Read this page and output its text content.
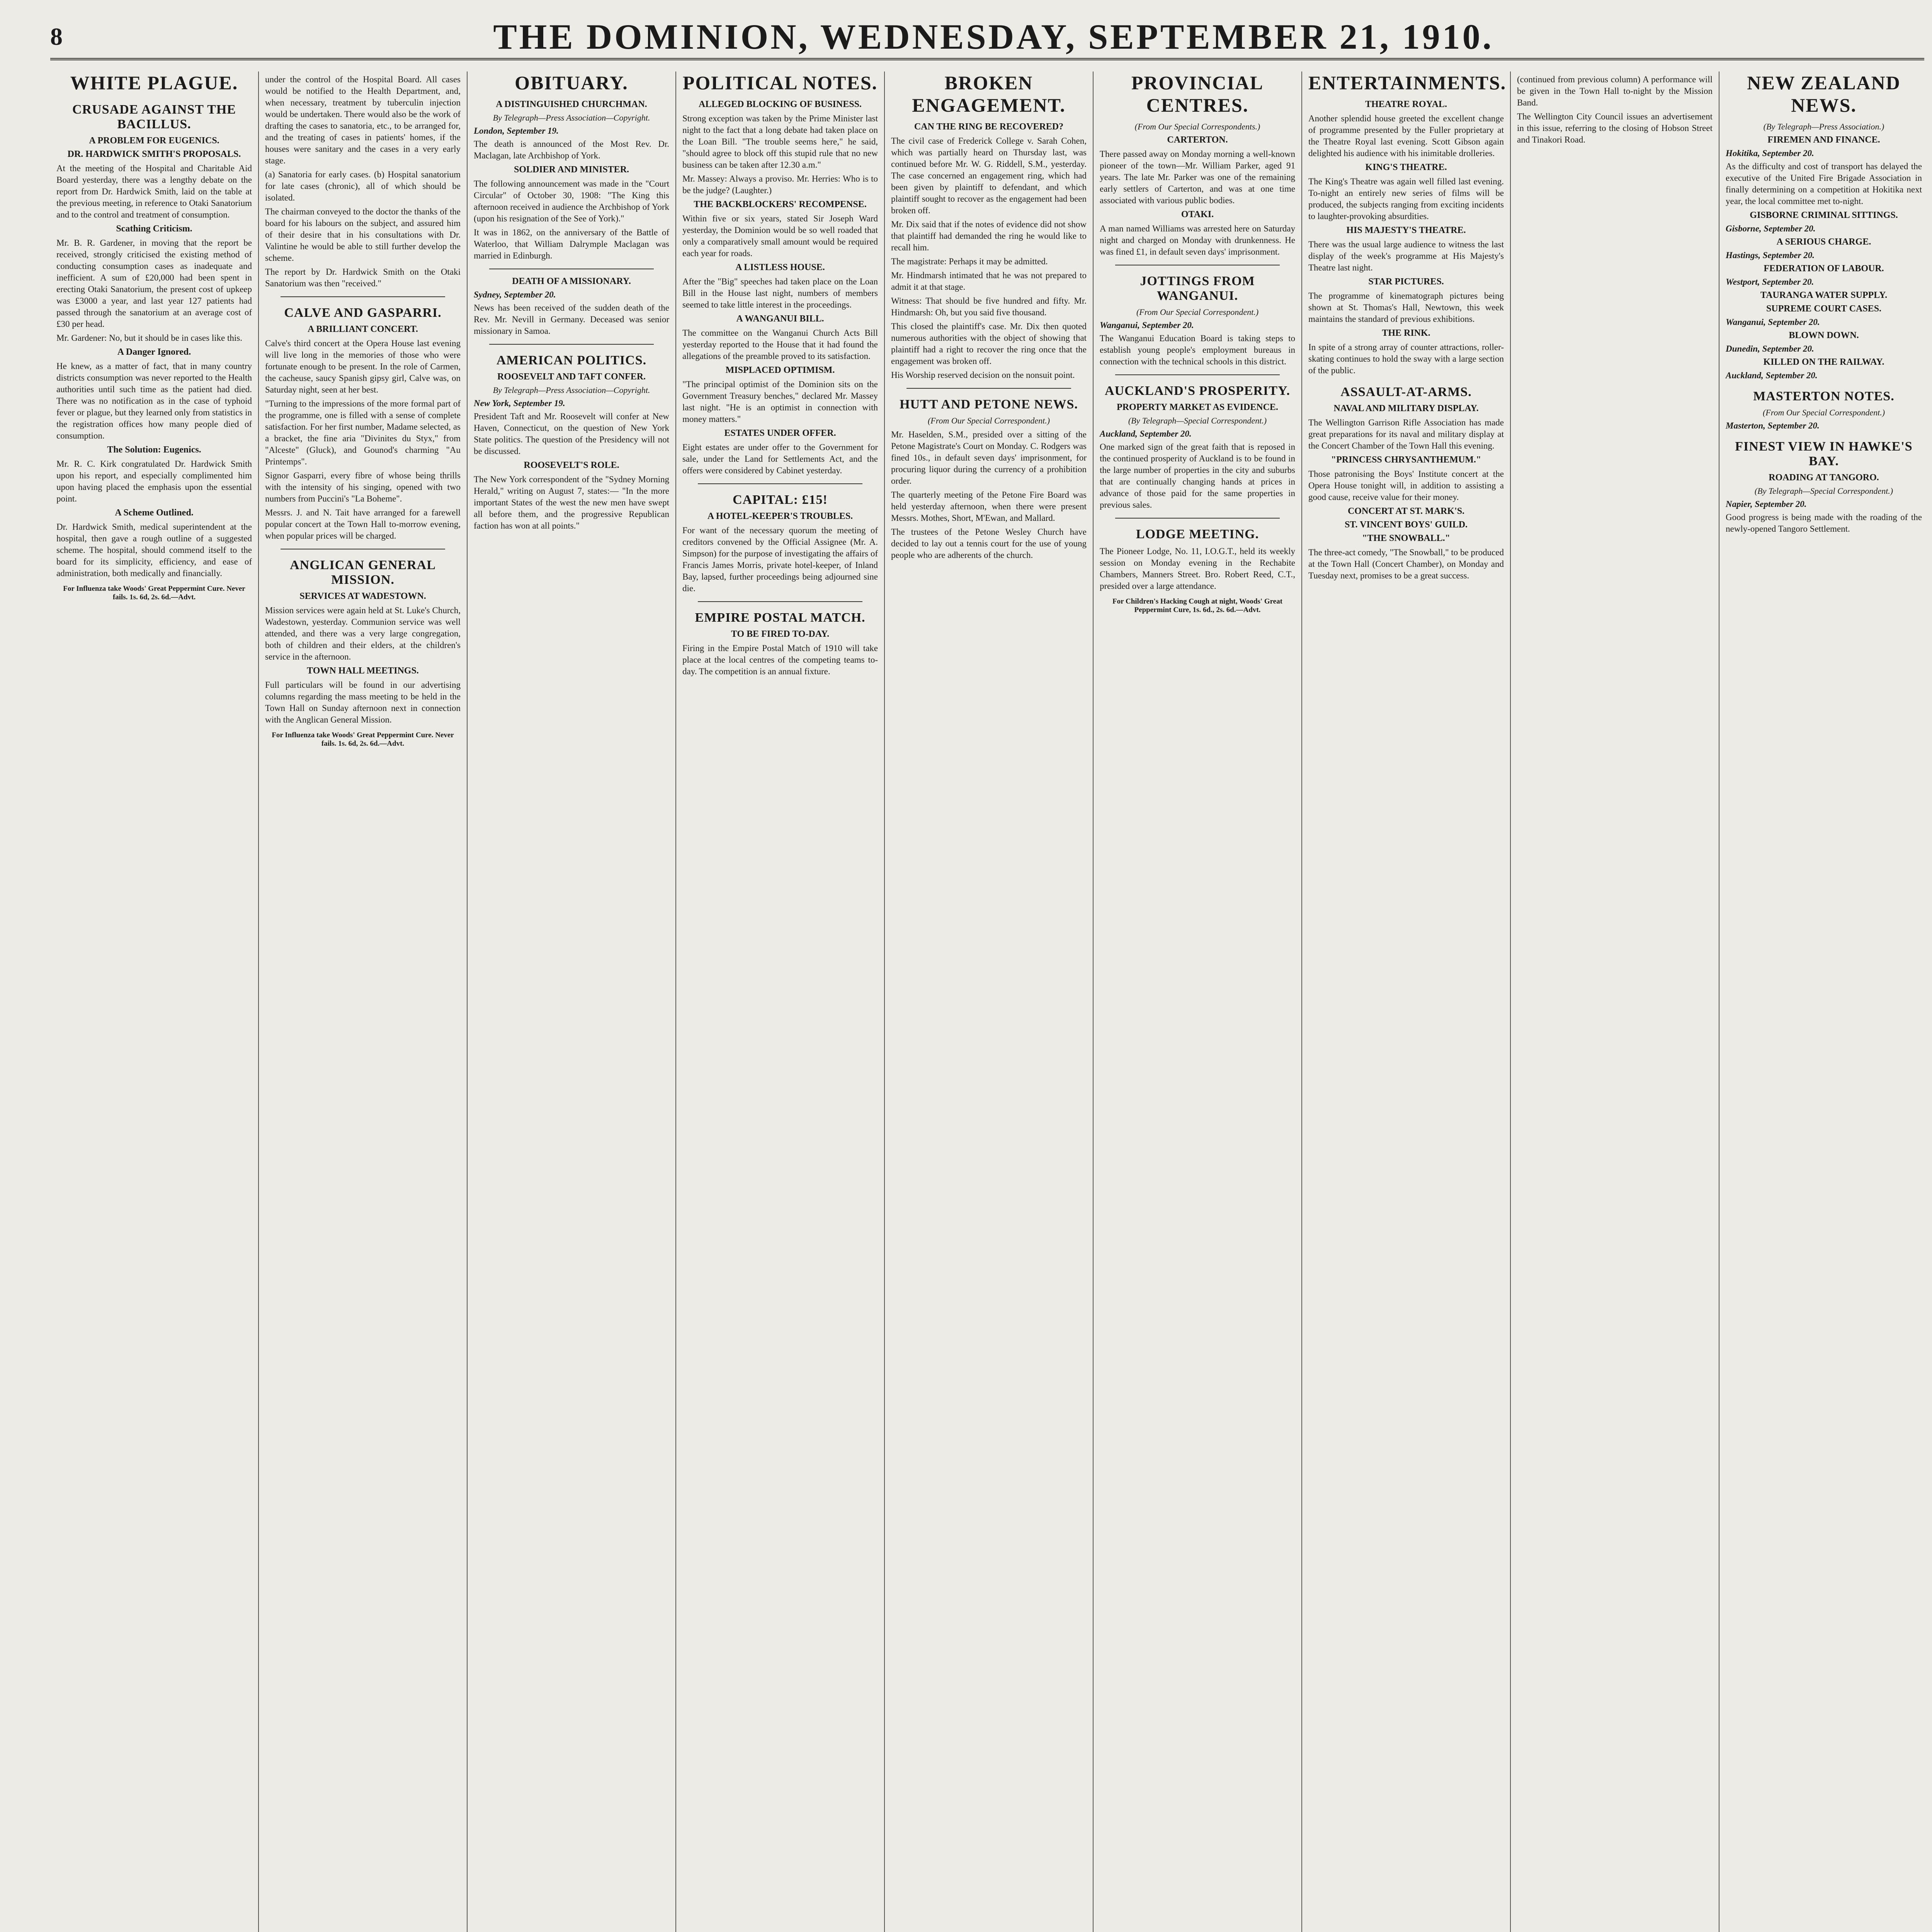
8	THE DOMINION, WEDNESDAY, SEPTEMBER 21, 1910.
WHITE PLAGUE.
CRUSADE AGAINST THE BACILLUS.
A PROBLEM FOR EUGENICS.
DR. HARDWICK SMITH'S PROPOSALS.
At the meeting of the Hospital and Charitable Aid Board yesterday, there was a lengthy debate on the report from Dr. Hardwick Smith, laid on the table at the previous meeting, in reference to Otaki Sanatorium and to the control and treatment of consumption.
Scathing Criticism.
Mr. B. R. Gardener, in moving that the report be received, strongly criticised the existing method of conducting consumption cases as inadequate and inefficient. A sum of £20,000 had been spent in erecting Otaki Sanatorium, the present cost of upkeep was £3000 a year, and last year 127 patients had passed through the sanatorium at an average cost of £30 per head.
Mr. Gardener: No, but it should be in cases like this.
A Danger Ignored.
He knew, as a matter of fact, that in many country districts consumption was never reported to the Health authorities until such time as the patient had died. There was no notification as in the case of typhoid fever or plague, but they learned only from statistics in the registration offices how many people died of consumption.
The Solution: Eugenics.
Mr. R. C. Kirk congratulated Dr. Hardwick Smith upon his report, and especially complimented him upon having placed the emphasis upon the essential point.
A Scheme Outlined.
Dr. Hardwick Smith, medical superintendent at the hospital, then gave a rough outline of a suggested scheme. The hospital, should commend itself to the board for its simplicity, efficiency, and ease of administration, both medically and financially.
For Influenza take Woods' Great Peppermint Cure. Never fails. 1s. 6d, 2s. 6d.—Advt.
under the control of the Hospital Board. All cases would be notified to the Health Department, and, when necessary, treatment by tuberculin injection would be undertaken. There would also be the work of drafting the cases to sanatoria, etc., to be arranged for, and the treating of cases in patients' homes, if the houses were sanitary and the cases in a very early stage.
(a) Sanatoria for early cases. (b) Hospital sanatorium for late cases (chronic), all of which should be isolated.
The chairman conveyed to the doctor the thanks of the board for his labours on the subject, and assured him of their desire that in his consultations with Dr. Valintine he would be able to still further develop the scheme.
The report by Dr. Hardwick Smith on the Otaki Sanatorium was then "received."
CALVE AND GASPARRI.
A BRILLIANT CONCERT.
Calve's third concert at the Opera House last evening will live long in the memories of those who were fortunate enough to be present. In the role of Carmen, the cacheuse, saucy Spanish gipsy girl, Calve was, on Saturday night, seen at her best.
"Turning to the impressions of the more formal part of the programme, one is filled with a sense of complete satisfaction. For her first number, Madame selected, as a bracket, the fine aria "Divinites du Styx," from "Alceste" (Gluck), and Gounod's charming "Au Printemps".
Signor Gasparri, every fibre of whose being thrills with the intensity of his singing, opened with two numbers from Puccini's "La Boheme".
Messrs. J. and N. Tait have arranged for a farewell popular concert at the Town Hall to-morrow evening, when popular prices will be charged.
ANGLICAN GENERAL MISSION.
SERVICES AT WADESTOWN.
Mission services were again held at St. Luke's Church, Wadestown, yesterday. Communion service was well attended, and there was a very large congregation, both of children and their elders, at the children's service in the afternoon.
TOWN HALL MEETINGS.
Full particulars will be found in our advertising columns regarding the mass meeting to be held in the Town Hall on Sunday afternoon next in connection with the Anglican General Mission.
For Influenza take Woods' Great Peppermint Cure. Never fails. 1s. 6d, 2s. 6d.—Advt.
OBITUARY.
A DISTINGUISHED CHURCHMAN.
By Telegraph—Press Association—Copyright.
London, September 19.
The death is announced of the Most Rev. Dr. Maclagan, late Archbishop of York.
SOLDIER AND MINISTER.
The following announcement was made in the "Court Circular" of October 30, 1908: "The King this afternoon received in audience the Archbishop of York (upon his resignation of the See of York)."
It was in 1862, on the anniversary of the Battle of Waterloo, that William Dalrymple Maclagan was married in Edinburgh.
DEATH OF A MISSIONARY.
Sydney, September 20.
News has been received of the sudden death of the Rev. Mr. Nevill in Germany. Deceased was senior missionary in Samoa.
AMERICAN POLITICS.
ROOSEVELT AND TAFT CONFER.
By Telegraph—Press Association—Copyright.
New York, September 19.
President Taft and Mr. Roosevelt will confer at New Haven, Connecticut, on the question of New York State politics. The question of the Presidency will not be discussed.
ROOSEVELT'S ROLE.
The New York correspondent of the "Sydney Morning Herald," writing on August 7, states:— "In the more important States of the west the new men have swept all before them, and the progressive Republican faction has won at all points."
POLITICAL NOTES.
ALLEGED BLOCKING OF BUSINESS.
Strong exception was taken by the Prime Minister last night to the fact that a long debate had taken place on the Loan Bill. "The trouble seems here," he said, "should agree to block off this stupid rule that no new business can be taken after 12.30 a.m."
Mr. Massey: Always a proviso. Mr. Herries: Who is to be the judge? (Laughter.)
THE BACKBLOCKERS' RECOMPENSE.
Within five or six years, stated Sir Joseph Ward yesterday, the Dominion would be so well roaded that only a comparatively small amount would be required each year for roads.
A LISTLESS HOUSE.
After the "Big" speeches had taken place on the Loan Bill in the House last night, numbers of members seemed to take little interest in the proceedings.
A WANGANUI BILL.
The committee on the Wanganui Church Acts Bill yesterday reported to the House that it had found the allegations of the preamble proved to its satisfaction.
MISPLACED OPTIMISM.
"The principal optimist of the Dominion sits on the Government Treasury benches," declared Mr. Massey last night. "He is an optimist in connection with money matters."
ESTATES UNDER OFFER.
Eight estates are under offer to the Government for sale, under the Land for Settlements Act, and the offers were considered by Cabinet yesterday.
CAPITAL: £15!
A HOTEL-KEEPER'S TROUBLES.
For want of the necessary quorum the meeting of creditors convened by the Official Assignee (Mr. A. Simpson) for the purpose of investigating the affairs of Francis James Morris, private hotel-keeper, of Inland Bay, lapsed, further proceedings being adjourned sine die.
EMPIRE POSTAL MATCH.
TO BE FIRED TO-DAY.
Firing in the Empire Postal Match of 1910 will take place at the local centres of the competing teams to-day. The competition is an annual fixture.
BROKEN ENGAGEMENT.
CAN THE RING BE RECOVERED?
The civil case of Frederick College v. Sarah Cohen, which was partially heard on Thursday last, was continued before Mr. W. G. Riddell, S.M., yesterday. The case concerned an engagement ring, which had been given by plaintiff to defendant, and which plaintiff sought to recover as the engagement had been broken off.
Mr. Dix said that if the notes of evidence did not show that plaintiff had demanded the ring he would like to recall him.
The magistrate: Perhaps it may be admitted.
Mr. Hindmarsh intimated that he was not prepared to admit it at that stage.
Witness: That should be five hundred and fifty. Mr. Hindmarsh: Oh, but you said five thousand.
This closed the plaintiff's case. Mr. Dix then quoted numerous authorities with the object of showing that plaintiff had a right to recover the ring once that the engagement was broken off.
His Worship reserved decision on the nonsuit point.
HUTT AND PETONE NEWS.
(From Our Special Correspondent.)
Mr. Haselden, S.M., presided over a sitting of the Petone Magistrate's Court on Monday. C. Rodgers was fined 10s., in default seven days' imprisonment, for procuring liquor during the currency of a prohibition order.
The quarterly meeting of the Petone Fire Board was held yesterday afternoon, when there were present Messrs. Mothes, Short, M'Ewan, and Mallard.
The trustees of the Petone Wesley Church have decided to lay out a tennis court for the use of young people who are adherents of the church.
PROVINCIAL CENTRES.
(From Our Special Correspondents.)
CARTERTON.
There passed away on Monday morning a well-known pioneer of the town—Mr. William Parker, aged 91 years. The late Mr. Parker was one of the remaining early settlers of Carterton, and was at one time associated with various public bodies.
OTAKI.
A man named Williams was arrested here on Saturday night and charged on Monday with drunkenness. He was fined £1, in default seven days' imprisonment.
JOTTINGS FROM WANGANUI.
(From Our Special Correspondent.)
Wanganui, September 20.
The Wanganui Education Board is taking steps to establish young people's employment bureaus in connection with the technical schools in this district.
AUCKLAND'S PROSPERITY.
PROPERTY MARKET AS EVIDENCE.
(By Telegraph—Special Correspondent.)
Auckland, September 20.
One marked sign of the great faith that is reposed in the continued prosperity of Auckland is to be found in the large number of properties in the city and suburbs that are continually changing hands at prices in advance of those paid for the same properties in previous sales.
LODGE MEETING.
The Pioneer Lodge, No. 11, I.O.G.T., held its weekly session on Monday evening in the Rechabite Chambers, Manners Street. Bro. Robert Reed, C.T., presided over a large attendance.
For Children's Hacking Cough at night, Woods' Great Peppermint Cure, 1s. 6d., 2s. 6d.—Advt.
ENTERTAINMENTS.
THEATRE ROYAL.
Another splendid house greeted the excellent change of programme presented by the Fuller proprietary at the Theatre Royal last evening. Scott Gibson again delighted his audience with his inimitable drolleries.
KING'S THEATRE.
The King's Theatre was again well filled last evening. To-night an entirely new series of films will be produced, the subjects ranging from exciting incidents to laughter-provoking absurdities.
HIS MAJESTY'S THEATRE.
There was the usual large audience to witness the last display of the week's programme at His Majesty's Theatre last night.
STAR PICTURES.
The programme of kinematograph pictures being shown at St. Thomas's Hall, Newtown, this week maintains the standard of previous exhibitions.
THE RINK.
In spite of a strong array of counter attractions, roller-skating continues to hold the sway with a large section of the public.
ASSAULT-AT-ARMS.
NAVAL AND MILITARY DISPLAY.
The Wellington Garrison Rifle Association has made great preparations for its naval and military display at the Concert Chamber of the Town Hall this evening.
"PRINCESS CHRYSANTHEMUM."
Those patronising the Boys' Institute concert at the Opera House tonight will, in addition to assisting a good cause, receive value for their money.
CONCERT AT ST. MARK'S.
ST. VINCENT BOYS' GUILD.
"THE SNOWBALL."
The three-act comedy, "The Snowball," to be produced at the Town Hall (Concert Chamber), on Monday and Tuesday next, promises to be a great success.
(continued from previous column) A performance will be given in the Town Hall to-night by the Mission Band.
The Wellington City Council issues an advertisement in this issue, referring to the closing of Hobson Street and Tinakori Road.
NEW ZEALAND NEWS.
(By Telegraph—Press Association.)
FIREMEN AND FINANCE.
Hokitika, September 20.
As the difficulty and cost of transport has delayed the executive of the United Fire Brigade Association in finally determining on a competition at Hokitika next year, the local committee met to-night.
GISBORNE CRIMINAL SITTINGS.
Gisborne, September 20.
A SERIOUS CHARGE.
Hastings, September 20.
FEDERATION OF LABOUR.
Westport, September 20.
TAURANGA WATER SUPPLY.
SUPREME COURT CASES.
Wanganui, September 20.
BLOWN DOWN.
Dunedin, September 20.
KILLED ON THE RAILWAY.
Auckland, September 20.
MASTERTON NOTES.
(From Our Special Correspondent.)
Masterton, September 20.
FINEST VIEW IN HAWKE'S BAY.
ROADING AT TANGORO.
(By Telegraph—Special Correspondent.)
Napier, September 20.
Good progress is being made with the roading of the newly-opened Tangoro Settlement.
